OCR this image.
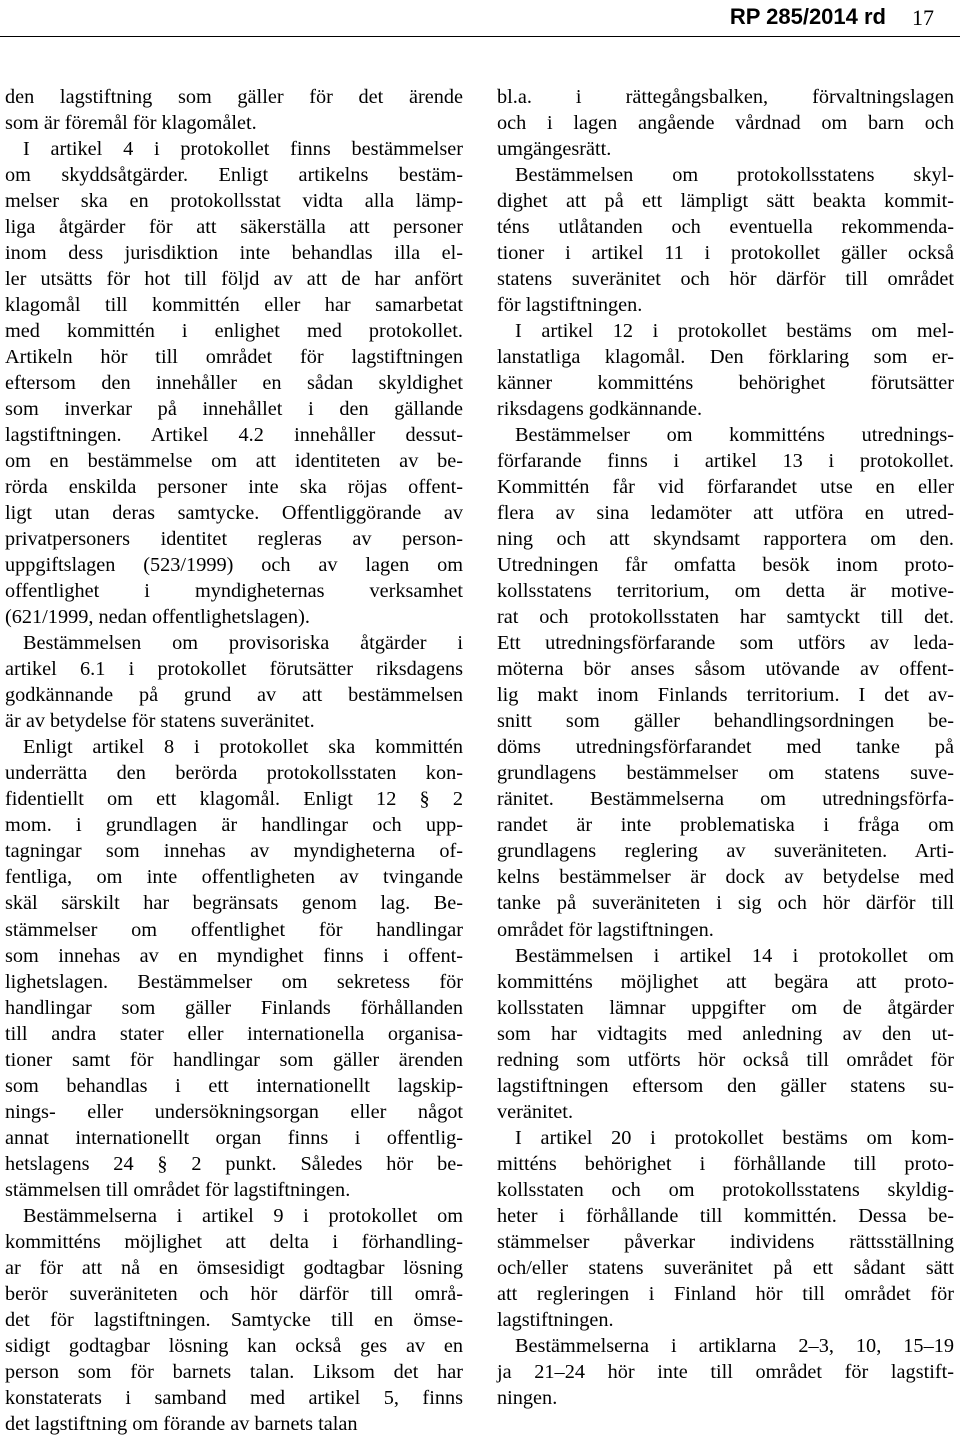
RP 285/2014 rd 17

den lagstiftning som gäller för det ärende
som är föremål för klagomålet.

I artikel 4 i protokollet finns bestämmelser
om skyddsåtgärder. Enligt artikelns bestäm-
melser ska en protokollsstat vidta alla lämp-
liga åtgärder för att säkerställa att personer
inom dess jurisdiktion inte behandlas illa el-
ler utsätts för hot till följd av att de har anfört
klagomål till kommittén eller har samarbetat
med kommittén i enlighet med protokollet.
Artikeln hör till området för lagstiftningen
eftersom den innehåller en sådan skyldighet
som inverkar på innehållet i den gällande
lagstiftningen. Artikel 4.2 innehåller dessut-
om en bestämmelse om att identiteten av be-
rörda enskilda personer inte ska röjas offent-
ligt utan deras samtycke. Offentliggörande av
privatpersoners identitet regleras av person-
uppgiftslagen (523/1999) och av lagen om
offentlighet i myndigheternas verksamhet
(621/1999, nedan offentlighetslagen).

Bestämmelsen om provisoriska åtgärder i
artikel 6.1 i protokollet förutsätter riksdagens
godkännande på grund av att bestämmelsen
är av betydelse för statens suveränitet.

Enligt artikel 8 i protokollet ska kommittén
underrätta den berörda protokollsstaten kon-
fidentiellt om ett klagomål. Enligt 12 § 2
mom. i grundlagen är handlingar och upp-
tagningar som innehas av myndigheterna of-
fentliga, om inte offentligheten av tvingande
skäl särskilt har begränsats genom lag. Be-
stämmelser om offentlighet för handlingar
som innehas av en myndighet finns i offent-
lighetslagen. Bestämmelser om sekretess för
handlingar som gäller Finlands förhållanden
till andra stater eller internationella organisa-
tioner samt för handlingar som gäller ärenden
som behandlas i ett internationellt lagskip-
nings- eller undersökningsorgan eller något
annat internationellt organ finns i offentlig-
hetslagens 24 § 2 punkt. Således hör be-
stämmelsen till området för lagstiftningen.

Bestämmelserna i artikel 9 i protokollet om
kommitténs möjlighet att delta i förhandling-
ar för att nå en ömsesidigt godtagbar lösning
berör suveräniteten och hör därför till områ-
det för lagstiftningen. Samtycke till en ömse-
sidigt godtagbar lösning kan också ges av en
person som för barnets talan. Liksom det har
konstaterats i samband med artikel 5, finns
det lagstiftning om förande av barnets talan

bl.a. i rättegångsbalken, förvaltningslagen
och i lagen angående vårdnad om barn och
umgängesrätt.

Bestämmelsen om protokollsstatens skyl-
dighet att på ett lämpligt sätt beakta kommit-
téns utlåtanden och eventuella rekommenda-
tioner i artikel 11 i protokollet gäller också
statens suveränitet och hör därför till området
för lagstiftningen.

I artikel 12 i protokollet bestäms om mel-
lanstatliga klagomål. Den förklaring som er-
känner kommitténs behörighet förutsätter
riksdagens godkännande.

Bestämmelser om kommitténs utrednings-
förfarande finns i artikel 13 i protokollet.
Kommittén får vid förfarandet utse en eller
flera av sina ledamöter att utföra en utred-
ning och att skyndsamt rapportera om den.
Utredningen får omfatta besök inom proto-
kollsstatens territorium, om detta är motive-
rat och protokollsstaten har samtyckt till det.
Ett utredningsförfarande som utförs av leda-
möterna bör anses såsom utövande av offent-
lig makt inom Finlands territorium. I det av-
snitt som gäller behandlingsordningen be-
döms utredningsförfarandet med tanke på
grundlagens bestämmelser om statens suve-
ränitet. Bestämmelserna om utredningsförfa-
randet är inte problematiska i fråga om
grundlagens reglering av suveräniteten. Arti-
kelns bestämmelser är dock av betydelse med
tanke på suveräniteten i sig och hör därför till
området för lagstiftningen.

Bestämmelsen i artikel 14 i protokollet om
kommitténs möjlighet att begära att proto-
kollsstaten lämnar uppgifter om de åtgärder
som har vidtagits med anledning av den ut-
redning som utförts hör också till området för
lagstiftningen eftersom den gäller statens su-
veränitet.

I artikel 20 i protokollet bestäms om kom-
mitténs behörighet i förhållande till proto-
kollsstaten och om protokollsstatens skyldig-
heter i förhållande till kommittén. Dessa be-
stämmelser påverkar individens rättsställning
och/eller statens suveränitet på ett sådant sätt
att regleringen i Finland hör till området för
lagstiftningen.

Bestämmelserna i artiklarna 2–3, 10, 15–19
ja 21–24 hör inte till området för lagstift-
ningen.
